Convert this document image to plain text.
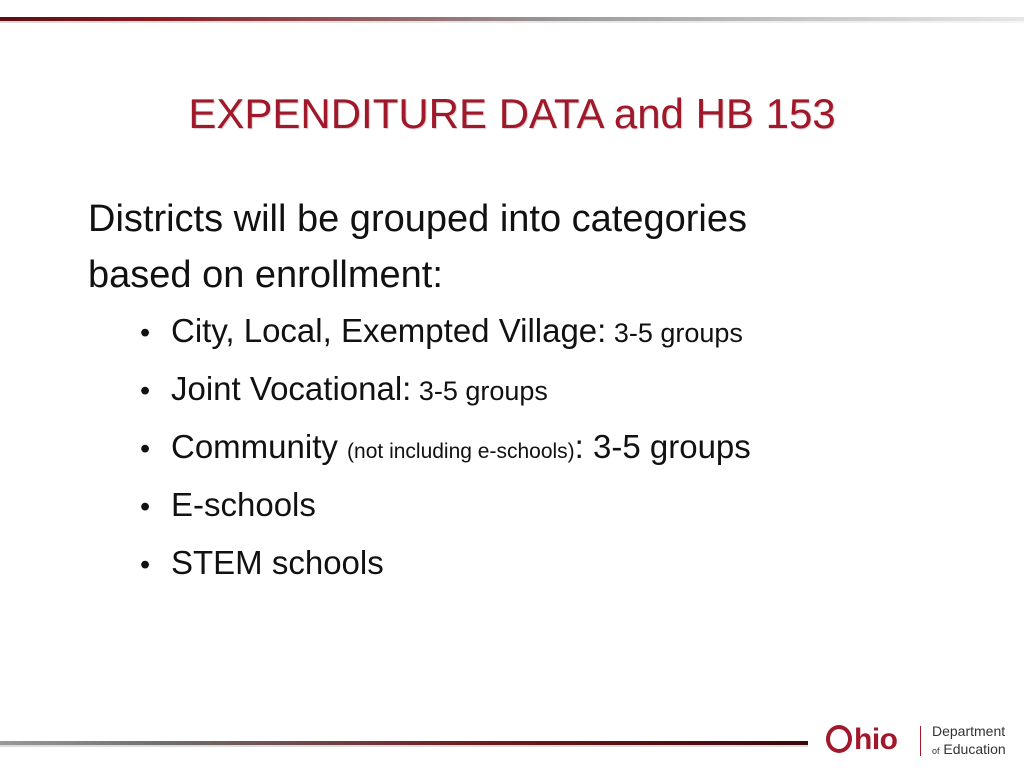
EXPENDITURE DATA and HB 153
Districts will be grouped into categories
based on enrollment:
• City, Local, Exempted Village: 3-5 groups
• Joint Vocational: 3-5 groups
• Community (not including e-schools): 3-5 groups
• E-schools
• STEM schools
hio Department
of Education
